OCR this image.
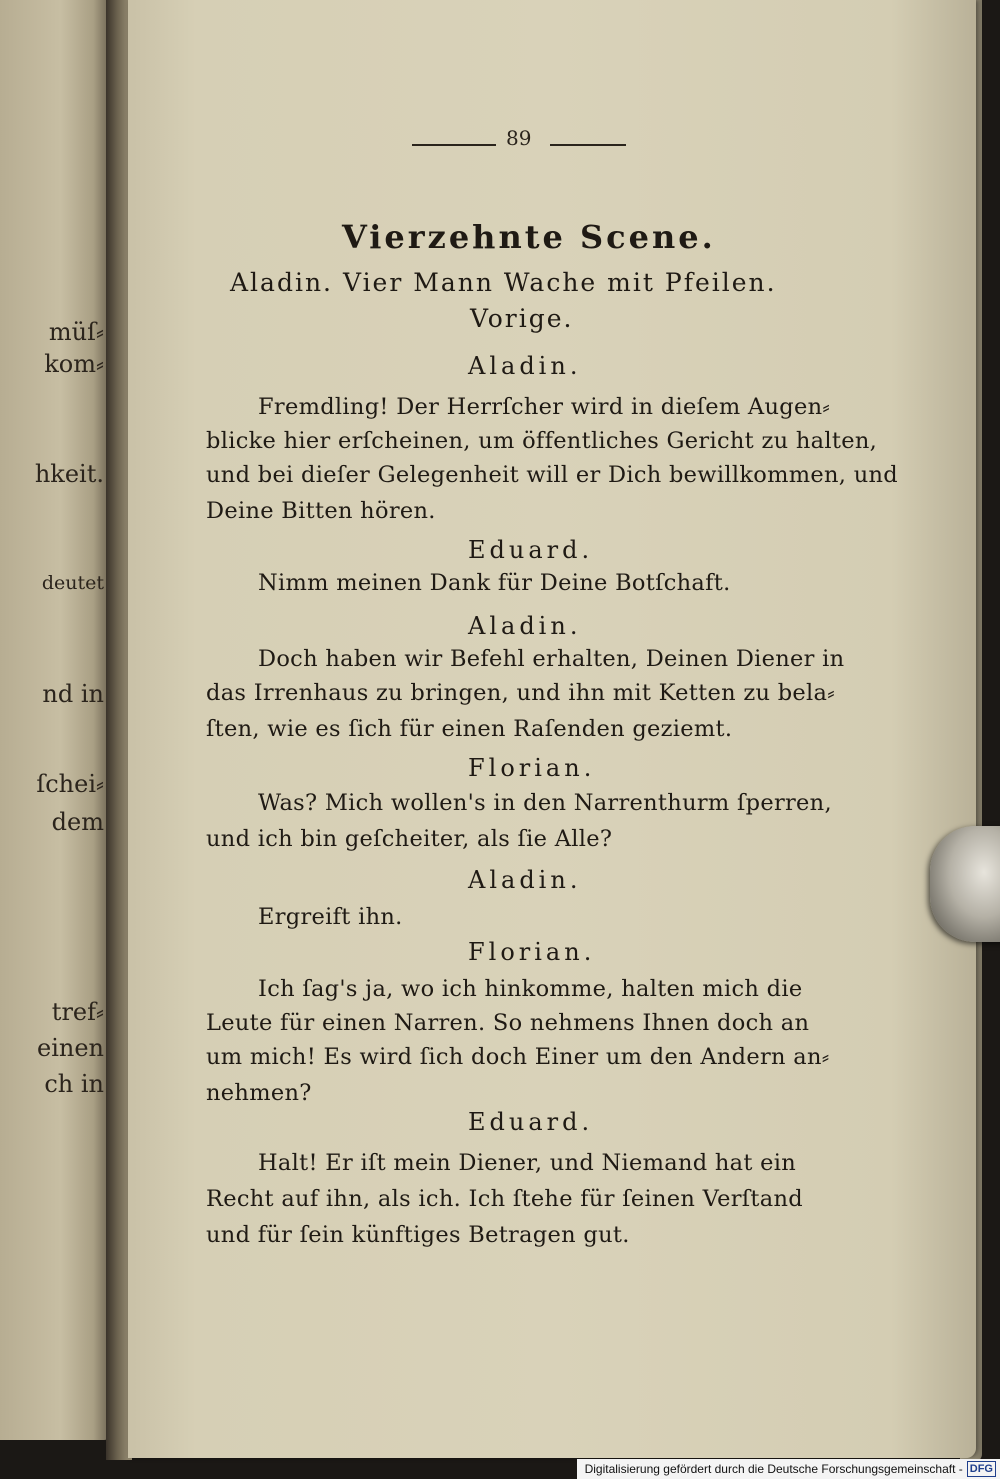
müſ⸗
kom⸗
hkeit.
deutet
nd in
ſchei⸗
dem
tref⸗
einen
ch in
89
Vierzehnte Scene.
Aladin. Vier Mann Wache mit Pfeilen.
Vorige.
Aladin.
Fremdling! Der Herrſcher wird in dieſem Augen⸗
blicke hier erſcheinen, um öffentliches Gericht zu halten,
und bei dieſer Gelegenheit will er Dich bewillkommen, und
Deine Bitten hören.
Eduard.
Nimm meinen Dank für Deine Botſchaft.
Aladin.
Doch haben wir Befehl erhalten, Deinen Diener in
das Irrenhaus zu bringen, und ihn mit Ketten zu bela⸗
ſten, wie es ſich für einen Raſenden geziemt.
Florian.
Was? Mich wollen's in den Narrenthurm ſperren,
und ich bin geſcheiter, als ſie Alle?
Aladin.
Ergreift ihn.
Florian.
Ich ſag's ja, wo ich hinkomme, halten mich die
Leute für einen Narren. So nehmens Ihnen doch an
um mich! Es wird ſich doch Einer um den Andern an⸗
nehmen?
Eduard.
Halt! Er iſt mein Diener, und Niemand hat ein
Recht auf ihn, als ich. Ich ſtehe für ſeinen Verſtand
und für ſein künftiges Betragen gut.
Digitalisierung gefördert durch die Deutsche Forschungsgemeinschaft - DFG
